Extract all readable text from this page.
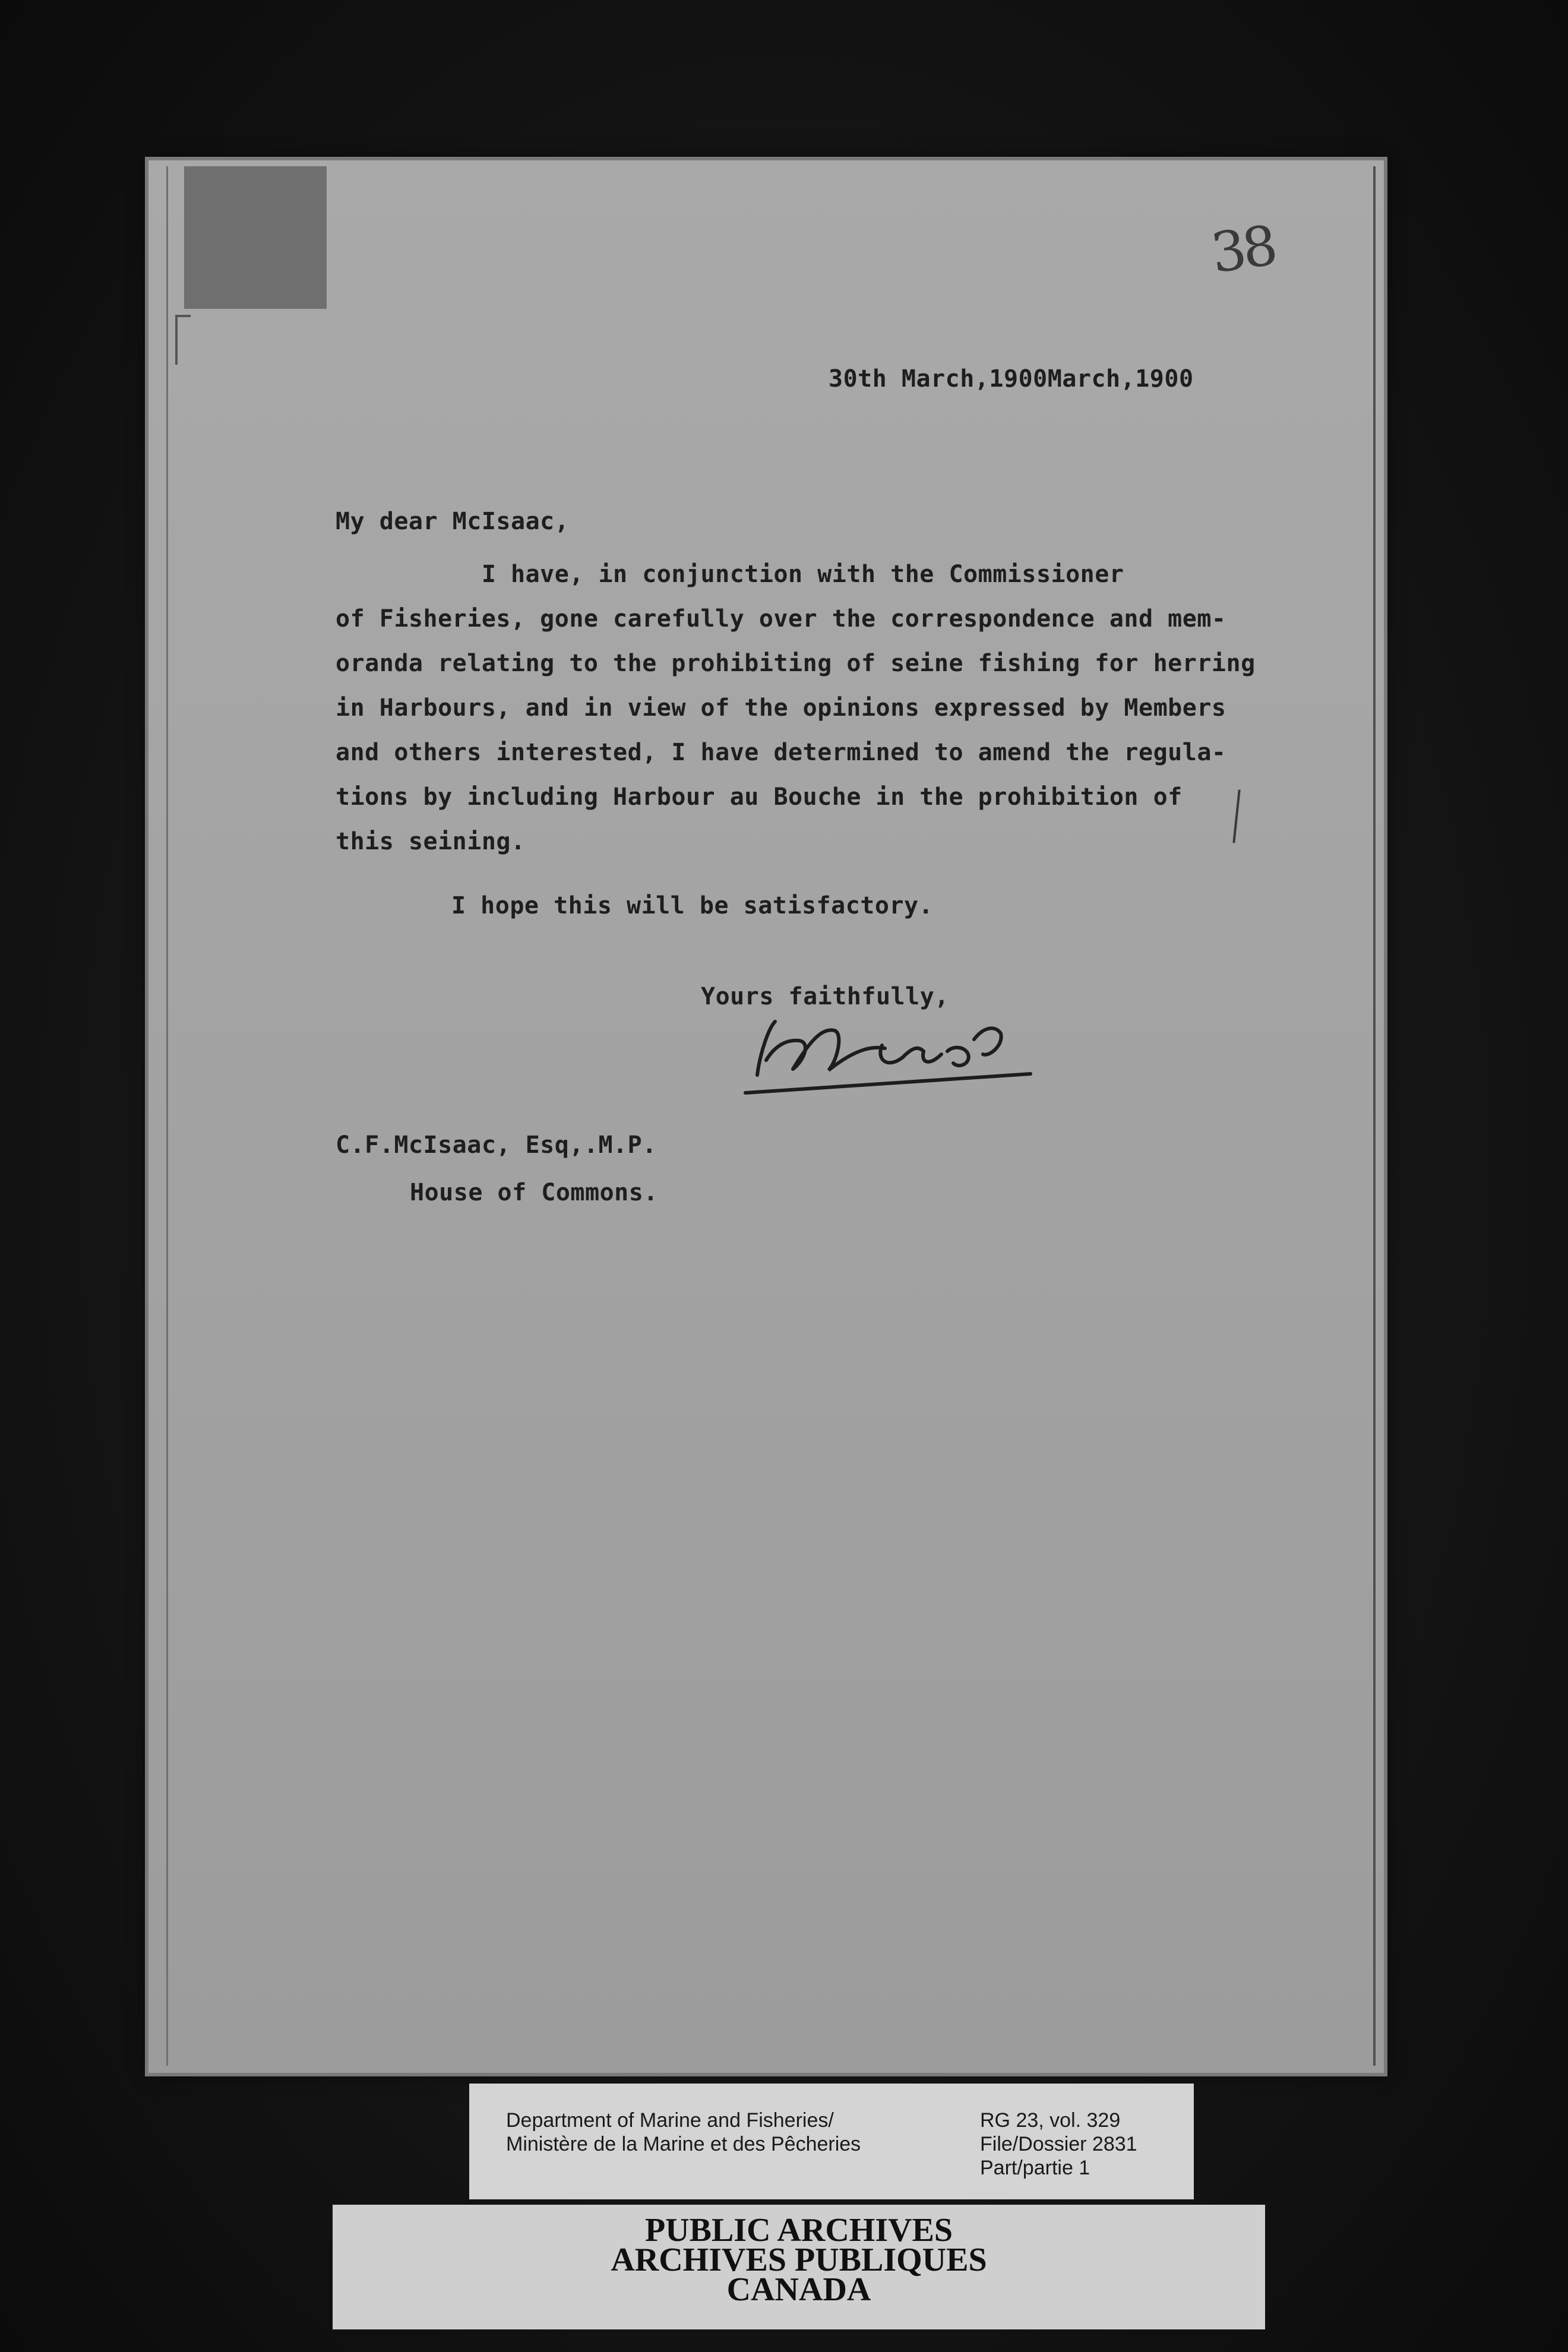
38
30th March,1900March,1900
My dear McIsaac,
I have, in conjunction with the Commissioner
of Fisheries, gone carefully over the correspondence and mem-
oranda relating to the prohibiting of seine fishing for herring
in Harbours, and in view of the opinions expressed by Members
and others interested, I have determined to amend the regula-
tions by including Harbour au Bouche in the prohibition of
this seining.
I hope this will be satisfactory.
Yours faithfully,
C.F.McIsaac, Esq,.M.P.
House of Commons.
Department of Marine and Fisheries/
Ministère de la Marine et des Pêcheries
RG 23, vol. 329
File/Dossier 2831
Part/partie 1
PUBLIC ARCHIVES
ARCHIVES PUBLIQUES
CANADA
